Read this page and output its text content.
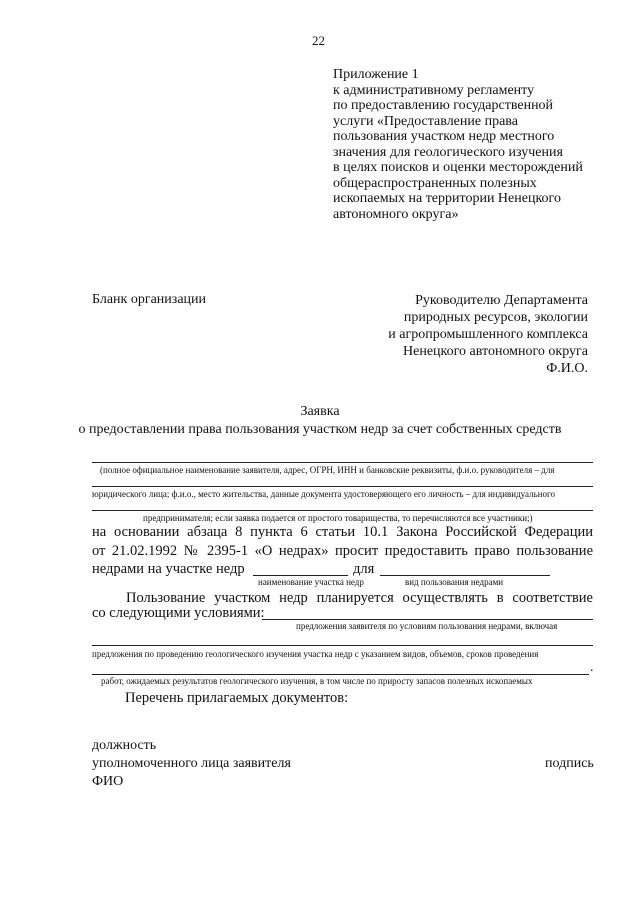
22
Приложение 1
к административному регламенту
по предоставлению государственной
услуги «Предоставление права
пользования участком недр местного
значения для геологического изучения
в целях поисков и оценки месторождений
общераспространенных полезных
ископаемых на территории Ненецкого
автономного округа»
Бланк организации	Руководителю Департамента
природных ресурсов, экологии
и агропромышленного комплекса
Ненецкого автономного округа
Ф.И.О.
Заявка
о предоставлении права пользования участком недр за счет собственных средств
(полное официальное наименование заявителя, адрес, ОГРН, ИНН и банковские реквизиты, ф.и.о. руководителя – для
юридического лица; ф.и.о., место жительства, данные документа удостоверяющего его личность – для индивидуального
предпринимателя; если заявка подается от простого товарищества, то перечисляются все участники;)
на основании абзаца 8 пункта 6 статьи 10.1 Закона Российской Федерации
от 21.02.1992 № 2395-1 «О недрах» просит предоставить право пользование
недрами на участке недр	для
наименование участка недр	вид пользования недрами
Пользование участком недр планируется осуществлять в соответствие
со следующими условиями:
предложения заявителя по условиям пользования недрами, включая
предложения по проведению геологического изучения участка недр с указанием видов, объемов, сроков проведения
.
работ, ожидаемых результатов геологического изучения, в том числе по приросту запасов полезных ископаемых
Перечень прилагаемых документов:
должность
уполномоченного лица заявителя	подпись
ФИО
